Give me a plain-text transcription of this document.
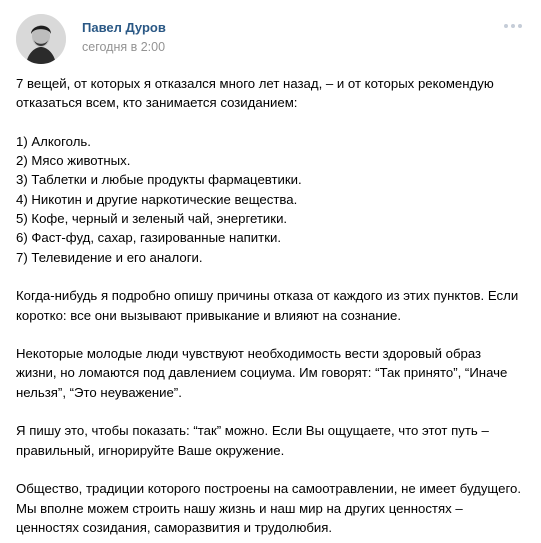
Павел Дуров
сегодня в 2:00

7 вещей, от которых я отказался много лет назад, – и от которых рекомендую

отказаться всем, кто занимается созиданием:

1) Алкоголь.

2) Мясо животных.

3) Таблетки и любые продукты фармацевтики.

4) Никотин и другие наркотические вещества.

5) Кофе, черный и зеленый чай, энергетики.

6) Фаст-фуд, сахар, газированные напитки.

7) Телевидение и его аналоги.

Когда-нибудь я подробно опишу причины отказа от каждого из этих пунктов. Если

коротко: все они вызывают привыкание и влияют на сознание.

Некоторые молодые люди чувствуют необходимость вести здоровый образ

жизни, но ломаются под давлением социума. Им говорят: “Так принято”, “Иначе

нельзя”, “Это неуважение”.

Я пишу это, чтобы показать: “так” можно. Если Вы ощущаете, что этот путь –

правильный, игнорируйте Ваше окружение.

Общество, традиции которого построены на самоотравлении, не имеет будущего.

Мы вполне можем строить нашу жизнь и наш мир на других ценностях –

ценностях созидания, саморазвития и трудолюбия.
